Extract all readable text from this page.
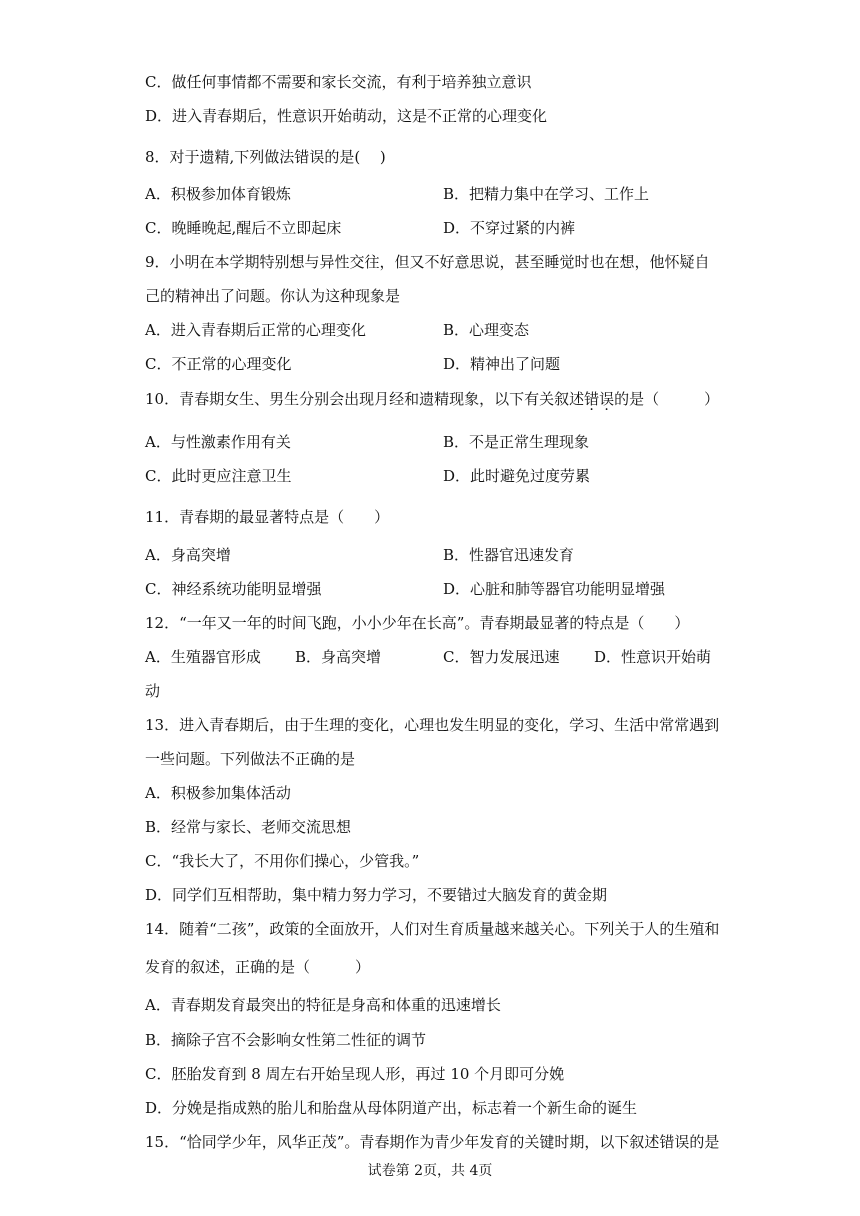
C．做任何事情都不需要和家长交流，有利于培养独立意识
D．进入青春期后，性意识开始萌动，这是不正常的心理变化
8．对于遗精,下列做法错误的是(　 )
A．积极参加体育锻炼	B．把精力集中在学习、工作上
C．晚睡晚起,醒后不立即起床	D．不穿过紧的内裤
9．小明在本学期特别想与异性交往，但又不好意思说，甚至睡觉时也在想，他怀疑自
己的精神出了问题。你认为这种现象是
A．进入青春期后正常的心理变化	B．心理变态
C．不正常的心理变化	D．精神出了问题
10．青春期女生、男生分别会出现月经和遗精现象，以下有关叙述错误的是（　　　）
A．与性激素作用有关	B．不是正常生理现象
C．此时更应注意卫生	D．此时避免过度劳累
11．青春期的最显著特点是（　　）
A．身高突增	B．性器官迅速发育
C．神经系统功能明显增强	D．心脏和肺等器官功能明显增强
12．“一年又一年的时间飞跑，小小少年在长高”。青春期最显著的特点是（　　）
A．生殖器官形成 B．身高突增	C．智力发展迅速 D．性意识开始萌
动
13．进入青春期后，由于生理的变化，心理也发生明显的变化，学习、生活中常常遇到
一些问题。下列做法不正确的是
A．积极参加集体活动
B．经常与家长、老师交流思想
C．“我长大了，不用你们操心，少管我。”
D．同学们互相帮助，集中精力努力学习，不要错过大脑发育的黄金期
14．随着“二孩”，政策的全面放开，人们对生育质量越来越关心。下列关于人的生殖和
发育的叙述，正确的是（　　　）
A．青春期发育最突出的特征是身高和体重的迅速增长
B．摘除子宫不会影响女性第二性征的调节
C．胚胎发育到 8 周左右开始呈现人形，再过 10 个月即可分娩
D．分娩是指成熟的胎儿和胎盘从母体阴道产出，标志着一个新生命的诞生
15．“恰同学少年，风华正茂”。青春期作为青少年发育的关键时期，以下叙述错误的是
试卷第 2页，共 4页
